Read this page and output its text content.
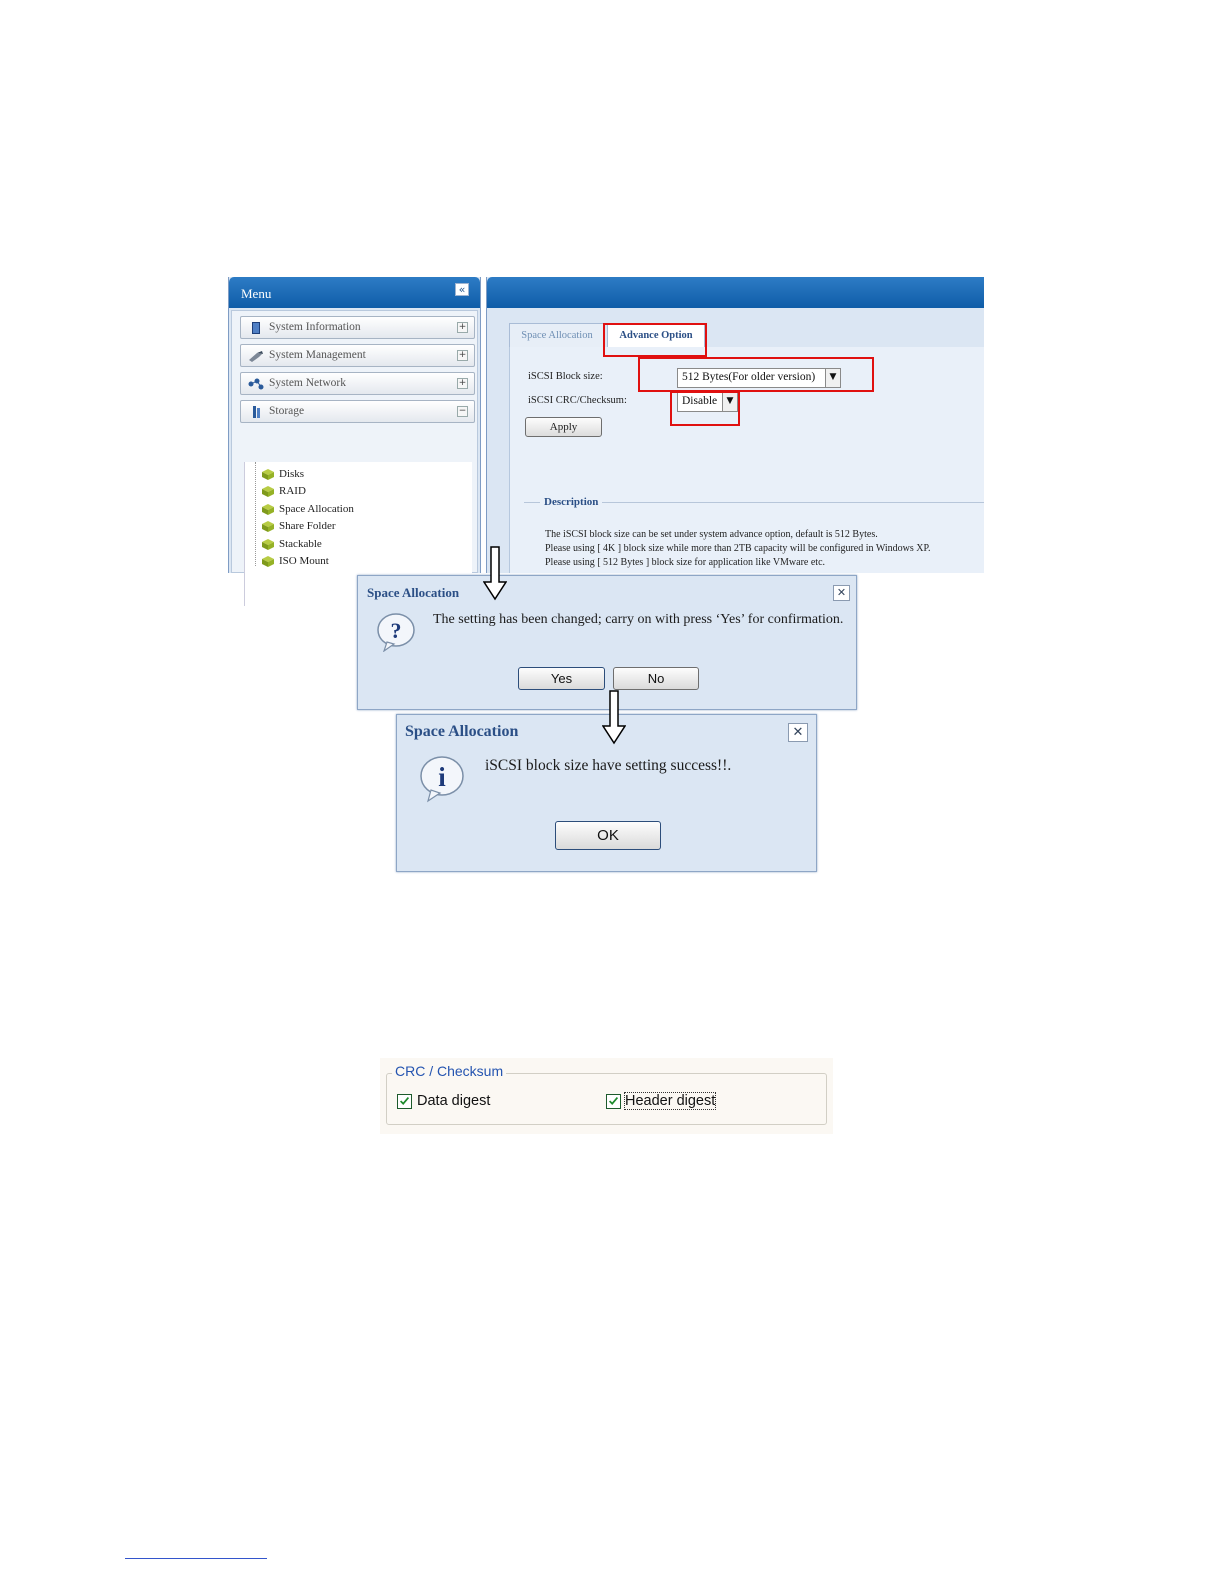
Menu	«
System Information	+
System Management	+
System Network	+
Storage	−
Disks
RAID
Space Allocation
Share Folder
Stackable
ISO Mount
Space Allocation	Advance Option
iSCSI Block size:	512 Bytes(For older version)	▼
iSCSI CRC/Checksum:	Disable	▼
Apply
Description
The iSCSI block size can be set under system advance option, default is 512 Bytes.
Please using [ 4K ] block size while more than 2TB capacity will be configured in Windows XP.
Please using [ 512 Bytes ] block size for application like VMware etc.
Space Allocation	✕
? The setting has been changed; carry on with press ‘Yes’ for confirmation.
Yes	No
Space Allocation	✕
i	iSCSI block size have setting success!!.
OK
CRC / Checksum
Data digest	Header digest
